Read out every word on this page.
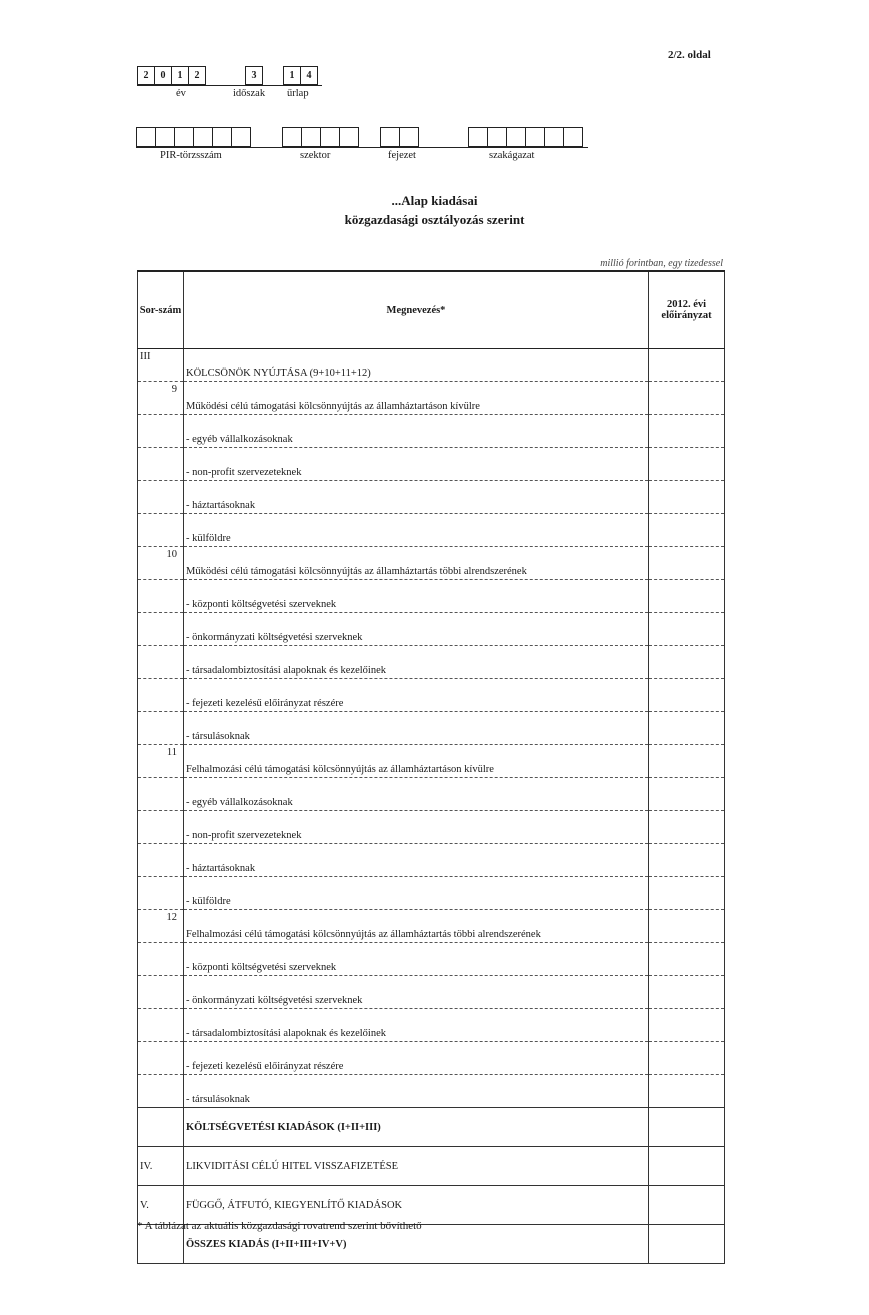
2/2. oldal
2	0	1	2	3	1	4
év	időszak űrlap
PIR-törzsszám	szektor	fejezet	szakágazat
...Alap kiadásai
közgazdasági osztályozás szerint
millió forintban, egy tizedessel
Sor-szám	Megnevezés*	2012. évi előirányzat
III	KÖLCSÖNÖK NYÚJTÁSA (9+10+11+12)	
9	Működési célú támogatási kölcsönnyújtás az államháztartáson kívülre	
	- egyéb vállalkozásoknak	
	- non-profit szervezeteknek	
	- háztartásoknak	
	- külföldre	
10	Működési célú támogatási kölcsönnyújtás az államháztartás többi alrendszerének	
	- központi költségvetési szerveknek	
	- önkormányzati költségvetési szerveknek	
	- társadalombiztosítási alapoknak és kezelőinek	
	- fejezeti kezelésű előirányzat részére	
	- társulásoknak	
11	Felhalmozási célú támogatási kölcsönnyújtás az államháztartáson kívülre	
	- egyéb vállalkozásoknak	
	- non-profit szervezeteknek	
	- háztartásoknak	
	- külföldre	
12	Felhalmozási célú támogatási kölcsönnyújtás az államháztartás többi alrendszerének	
	- központi költségvetési szerveknek	
	- önkormányzati költségvetési szerveknek	
	- társadalombiztosítási alapoknak és kezelőinek	
	- fejezeti kezelésű előirányzat részére	
	- társulásoknak	
	KÖLTSÉGVETÉSI KIADÁSOK (I+II+III)	
IV.	LIKVIDITÁSI CÉLÚ HITEL VISSZAFIZETÉSE	
V.	FÜGGŐ, ÁTFUTÓ, KIEGYENLÍTŐ KIADÁSOK	
	ÖSSZES KIADÁS (I+II+III+IV+V)	
* A táblázat az aktuális közgazdasági rovatrend szerint bővíthető
